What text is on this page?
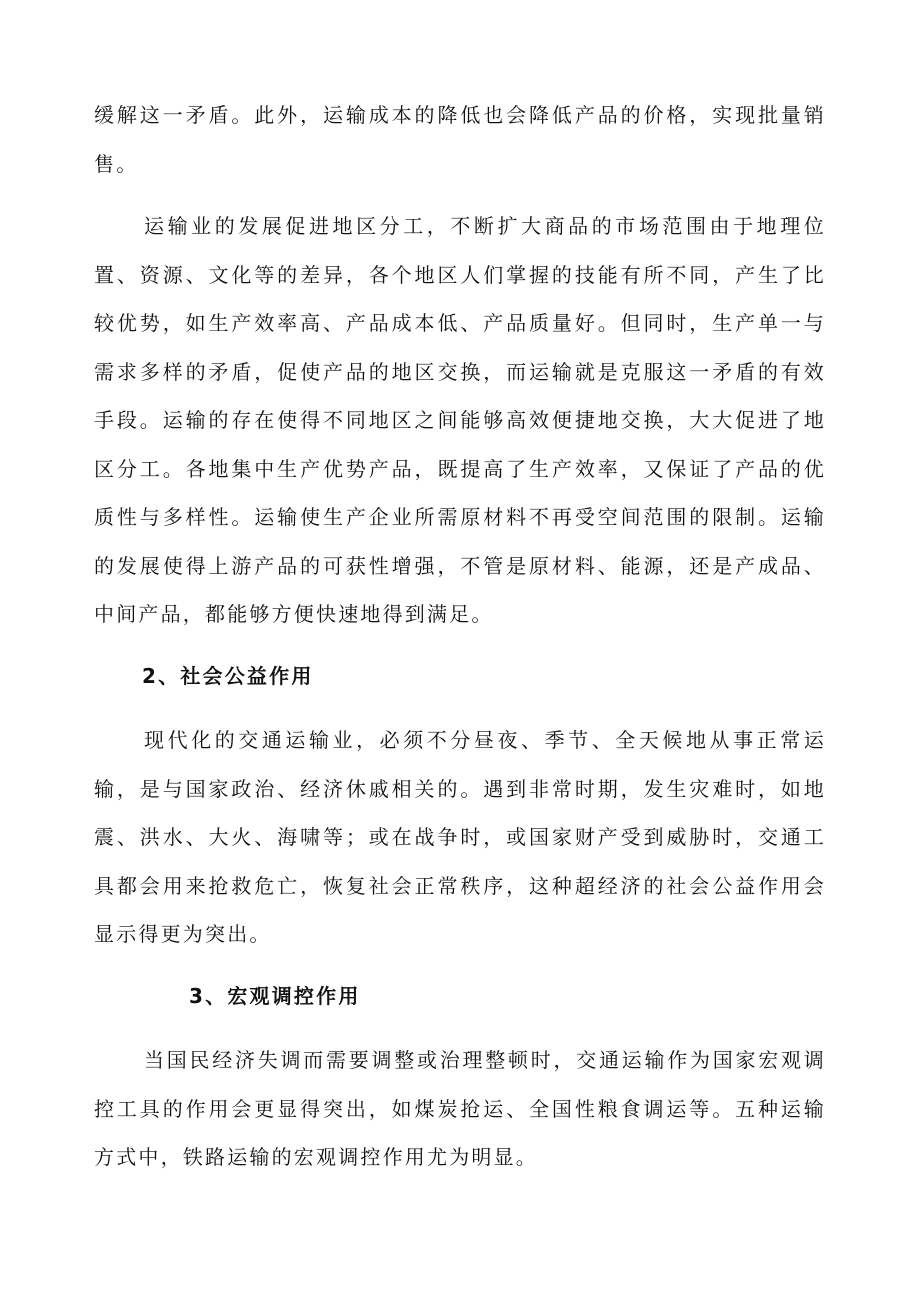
缓解这一矛盾。此外，运输成本的降低也会降低产品的价格，实现批量销售。

运输业的发展促进地区分工，不断扩大商品的市场范围由于地理位置、资源、文化等的差异，各个地区人们掌握的技能有所不同，产生了比较优势，如生产效率高、产品成本低、产品质量好。但同时，生产单一与需求多样的矛盾，促使产品的地区交换，而运输就是克服这一矛盾的有效手段。运输的存在使得不同地区之间能够高效便捷地交换，大大促进了地区分工。各地集中生产优势产品，既提高了生产效率，又保证了产品的优质性与多样性。运输使生产企业所需原材料不再受空间范围的限制。运输的发展使得上游产品的可获性增强，不管是原材料、能源，还是产成品、中间产品，都能够方便快速地得到满足。

2、社会公益作用

现代化的交通运输业，必须不分昼夜、季节、全天候地从事正常运输，是与国家政治、经济休戚相关的。遇到非常时期，发生灾难时，如地震、洪水、大火、海啸等；或在战争时，或国家财产受到威胁时，交通工具都会用来抢救危亡，恢复社会正常秩序，这种超经济的社会公益作用会显示得更为突出。

3、宏观调控作用

当国民经济失调而需要调整或治理整顿时，交通运输作为国家宏观调控工具的作用会更显得突出，如煤炭抢运、全国性粮食调运等。五种运输方式中，铁路运输的宏观调控作用尤为明显。
